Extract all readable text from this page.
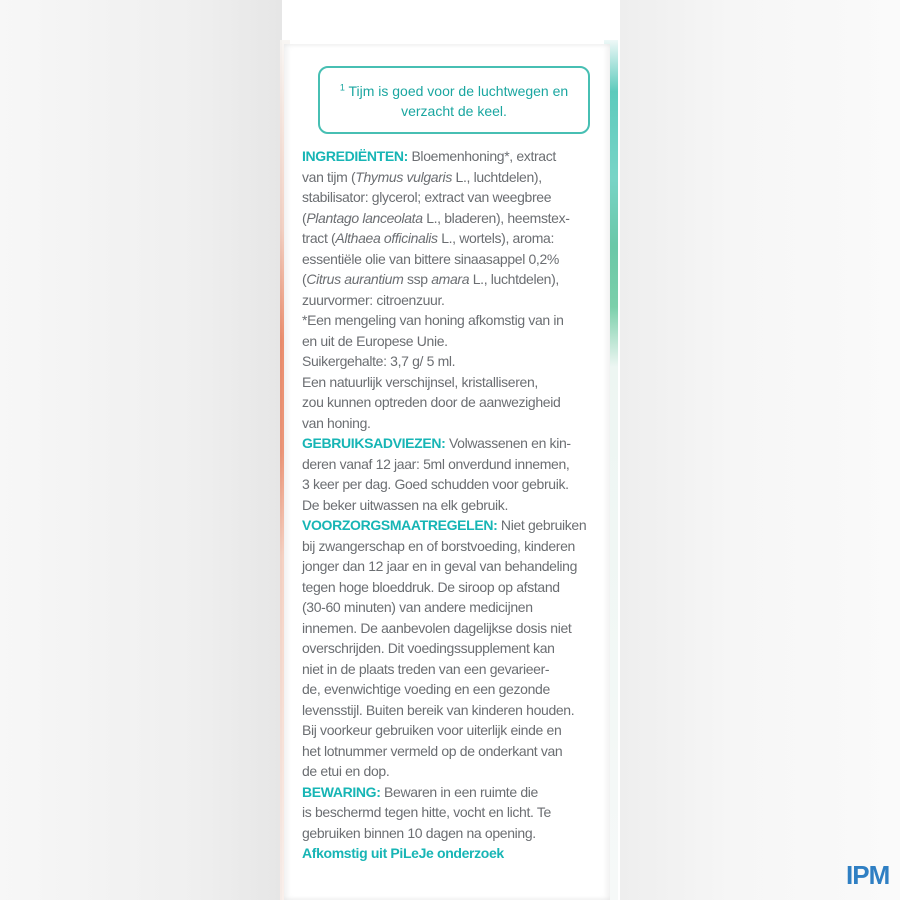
$^1$ Tijm is goed voor de luchtwegen en
verzacht de keel.
INGREDIËNTEN: Bloemenhoning*, extract
van tijm (Thymus vulgaris L., luchtdelen),
stabilisator: glycerol; extract van weegbree
(Plantago lanceolata L., bladeren), heemstex-
tract (Althaea officinalis L., wortels), aroma:
essentiële olie van bittere sinaasappel 0,2%
(Citrus aurantium ssp amara L., luchtdelen),
zuurvormer: citroenzuur.
*Een mengeling van honing afkomstig van in
en uit de Europese Unie.
Suikergehalte: 3,7 g/ 5 ml.
Een natuurlijk verschijnsel, kristalliseren,
zou kunnen optreden door de aanwezigheid
van honing.
GEBRUIKSADVIEZEN: Volwassenen en kin-
deren vanaf 12 jaar: 5ml onverdund innemen,
3 keer per dag. Goed schudden voor gebruik.
De beker uitwassen na elk gebruik.
VOORZORGSMAATREGELEN: Niet gebruiken
bij zwangerschap en of borstvoeding, kinderen
jonger dan 12 jaar en in geval van behandeling
tegen hoge bloeddruk. De siroop op afstand
(30-60 minuten) van andere medicijnen
innemen. De aanbevolen dagelijkse dosis niet
overschrijden. Dit voedingssupplement kan
niet in de plaats treden van een gevarieer-
de, evenwichtige voeding en een gezonde
levensstijl. Buiten bereik van kinderen houden.
Bij voorkeur gebruiken voor uiterlijk einde en
het lotnummer vermeld op de onderkant van
de etui en dop.
BEWARING: Bewaren in een ruimte die
is beschermd tegen hitte, vocht en licht. Te
gebruiken binnen 10 dagen na opening.
Afkomstig uit PiLeJe onderzoek
IPM
